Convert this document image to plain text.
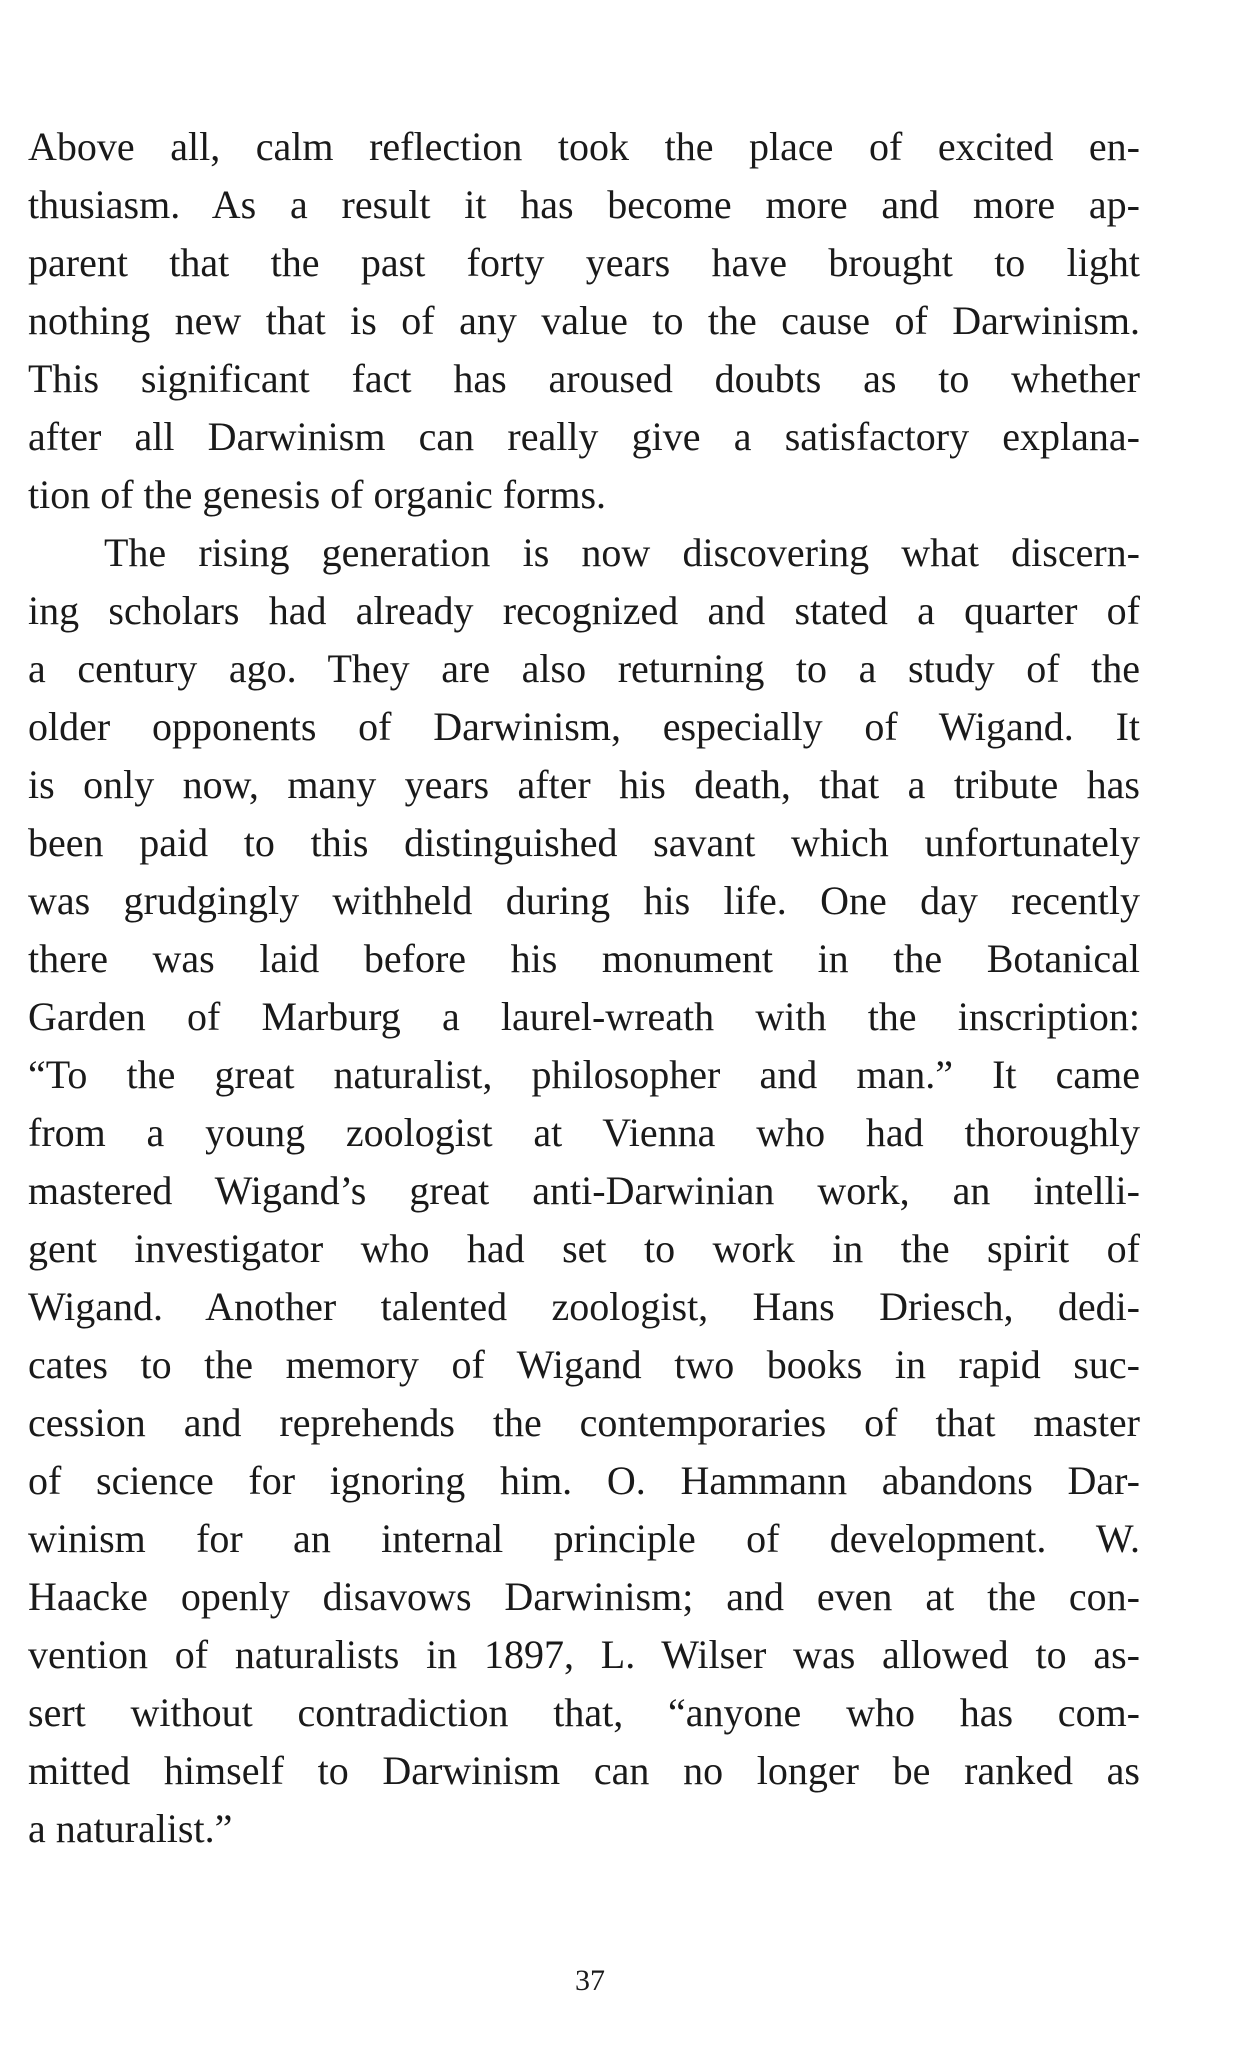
Above all, calm reflection took the place of excited en-
thusiasm. As a result it has become more and more ap-
parent that the past forty years have brought to light
nothing new that is of any value to the cause of Darwinism.
This significant fact has aroused doubts as to whether
after all Darwinism can really give a satisfactory explana-
tion of the genesis of organic forms.

The rising generation is now discovering what discern-
ing scholars had already recognized and stated a quarter of
a century ago. They are also returning to a study of the
older opponents of Darwinism, especially of Wigand. It
is only now, many years after his death, that a tribute has
been paid to this distinguished savant which unfortunately
was grudgingly withheld during his life. One day recently
there was laid before his monument in the Botanical
Garden of Marburg a laurel-wreath with the inscription:
“To the great naturalist, philosopher and man.” It came
from a young zoologist at Vienna who had thoroughly
mastered Wigand’s great anti-Darwinian work, an intelli-
gent investigator who had set to work in the spirit of
Wigand. Another talented zoologist, Hans Driesch, dedi-
cates to the memory of Wigand two books in rapid suc-
cession and reprehends the contemporaries of that master
of science for ignoring him. O. Hammann abandons Dar-
winism for an internal principle of development. W.
Haacke openly disavows Darwinism; and even at the con-
vention of naturalists in 1897, L. Wilser was allowed to as-
sert without contradiction that, “anyone who has com-
mitted himself to Darwinism can no longer be ranked as
a naturalist.”

37
